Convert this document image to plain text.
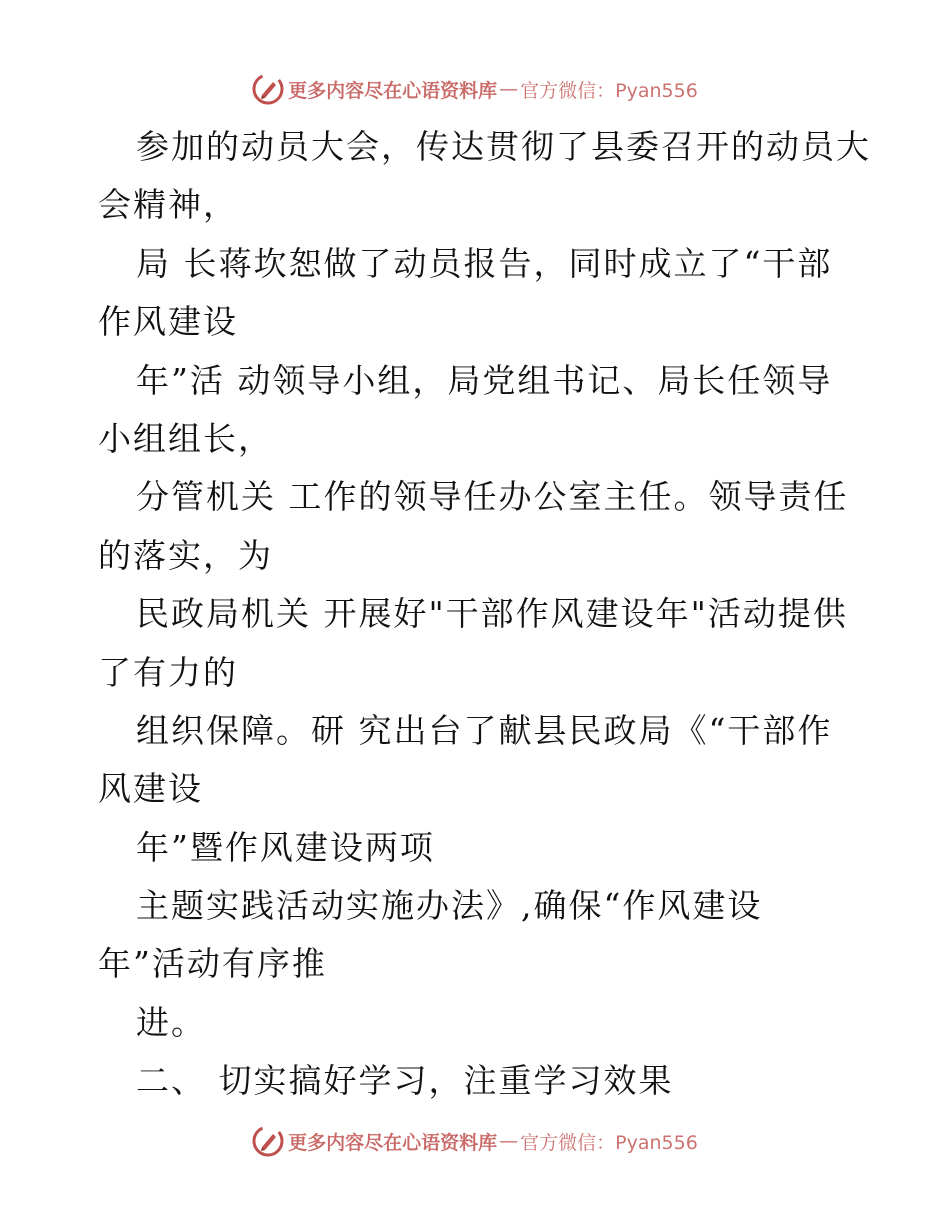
更多内容尽在心语资料库 — 官方微信：Pyan556
参加的动员大会，传达贯彻了县委召开的动员大
会精神，
局 长蒋坎恕做了动员报告，同时成立了“干部
作风建设
年”活 动领导小组，局党组书记、局长任领导
小组组长，
分管机关 工作的领导任办公室主任。领导责任
的落实，为
民政局机关 开展好"干部作风建设年"活动提供
了有力的
组织保障。研 究出台了献县民政局《“干部作
风建设
年”暨作风建设两项
主题实践活动实施办法》,确保“作风建设
年”活动有序推
进。
二、 切实搞好学习，注重学习效果
更多内容尽在心语资料库 — 官方微信：Pyan556
